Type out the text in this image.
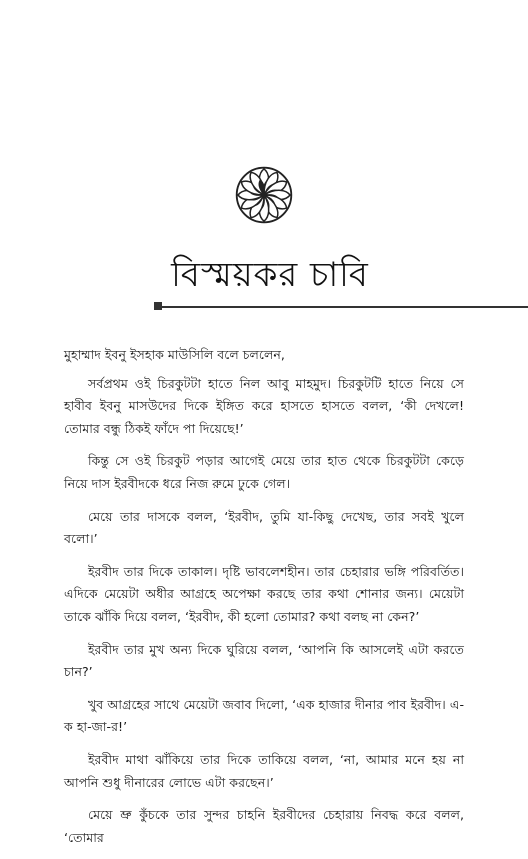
বিস্ময়কর চাবি

মুহাম্মাদ ইবনু ইসহাক মাউসিলি বলে চললেন,

সর্বপ্রথম ওই চিরকুটটা হাতে নিল আবু মাহমুদ। চিরকুটটি হাতে নিয়ে সে হাবীব ইবনু মাসউদের দিকে ইঙ্গিত করে হাসতে হাসতে বলল, ‘কী দেখলে! তোমার বন্ধু ঠিকই ফাঁদে পা দিয়েছে!’

কিন্তু সে ওই চিরকুট পড়ার আগেই মেয়ে তার হাত থেকে চিরকুটটা কেড়ে নিয়ে দাস ইরবীদকে ধরে নিজ রুমে ঢুকে গেল।

মেয়ে তার দাসকে বলল, ‘ইরবীদ, তুমি যা-কিছু দেখেছ, তার সবই খুলে বলো।’

ইরবীদ তার দিকে তাকাল। দৃষ্টি ভাবলেশহীন। তার চেহারার ভঙ্গি পরিবর্তিত। এদিকে মেয়েটা অধীর আগ্রহে অপেক্ষা করছে তার কথা শোনার জন্য। মেয়েটা তাকে ঝাঁকি দিয়ে বলল, ‘ইরবীদ, কী হলো তোমার? কথা বলছ না কেন?’

ইরবীদ তার মুখ অন্য দিকে ঘুরিয়ে বলল, ‘আপনি কি আসলেই এটা করতে চান?’

খুব আগ্রহের সাথে মেয়েটা জবাব দিলো, ‘এক হাজার দীনার পাব ইরবীদ। এ-ক হা-জা-র!’

ইরবীদ মাথা ঝাঁকিয়ে তার দিকে তাকিয়ে বলল, ‘না, আমার মনে হয় না আপনি শুধু দীনারের লোভে এটা করছেন।’

মেয়ে ভ্রু কুঁচকে তার সুন্দর চাহনি ইরবীদের চেহারায় নিবদ্ধ করে বলল, ‘তোমার
